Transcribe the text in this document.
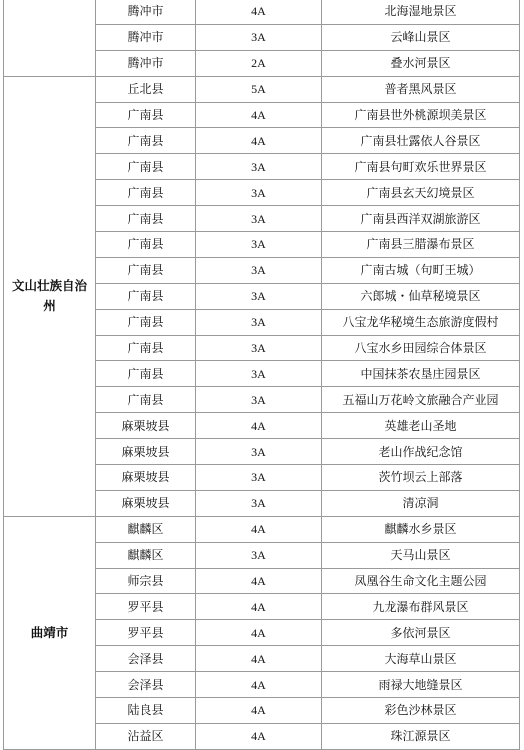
	腾冲市	4A	北海湿地景区
	腾冲市	3A	云峰山景区
	腾冲市	2A	叠水河景区
文山壮族自治州	丘北县	5A	普者黑风景区
	广南县	4A	广南县世外桃源坝美景区
	广南县	4A	广南县壮露依人谷景区
	广南县	3A	广南县句町欢乐世界景区
	广南县	3A	广南县玄天幻境景区
	广南县	3A	广南县西洋双湖旅游区
	广南县	3A	广南县三腊瀑布景区
	广南县	3A	广南古城（句町王城）
	广南县	3A	六郎城・仙草秘境景区
	广南县	3A	八宝龙华秘境生态旅游度假村
	广南县	3A	八宝水乡田园综合体景区
	广南县	3A	中国抹茶农垦庄园景区
	广南县	3A	五福山万花岭文旅融合产业园
	麻栗坡县	4A	英雄老山圣地
	麻栗坡县	3A	老山作战纪念馆
	麻栗坡县	3A	茨竹坝云上部落
	麻栗坡县	3A	清凉洞
曲靖市	麒麟区	4A	麒麟水乡景区
	麒麟区	3A	天马山景区
	师宗县	4A	凤凰谷生命文化主题公园
	罗平县	4A	九龙瀑布群风景区
	罗平县	4A	多依河景区
	会泽县	4A	大海草山景区
	会泽县	4A	雨禄大地缝景区
	陆良县	4A	彩色沙林景区
	沾益区	4A	珠江源景区
